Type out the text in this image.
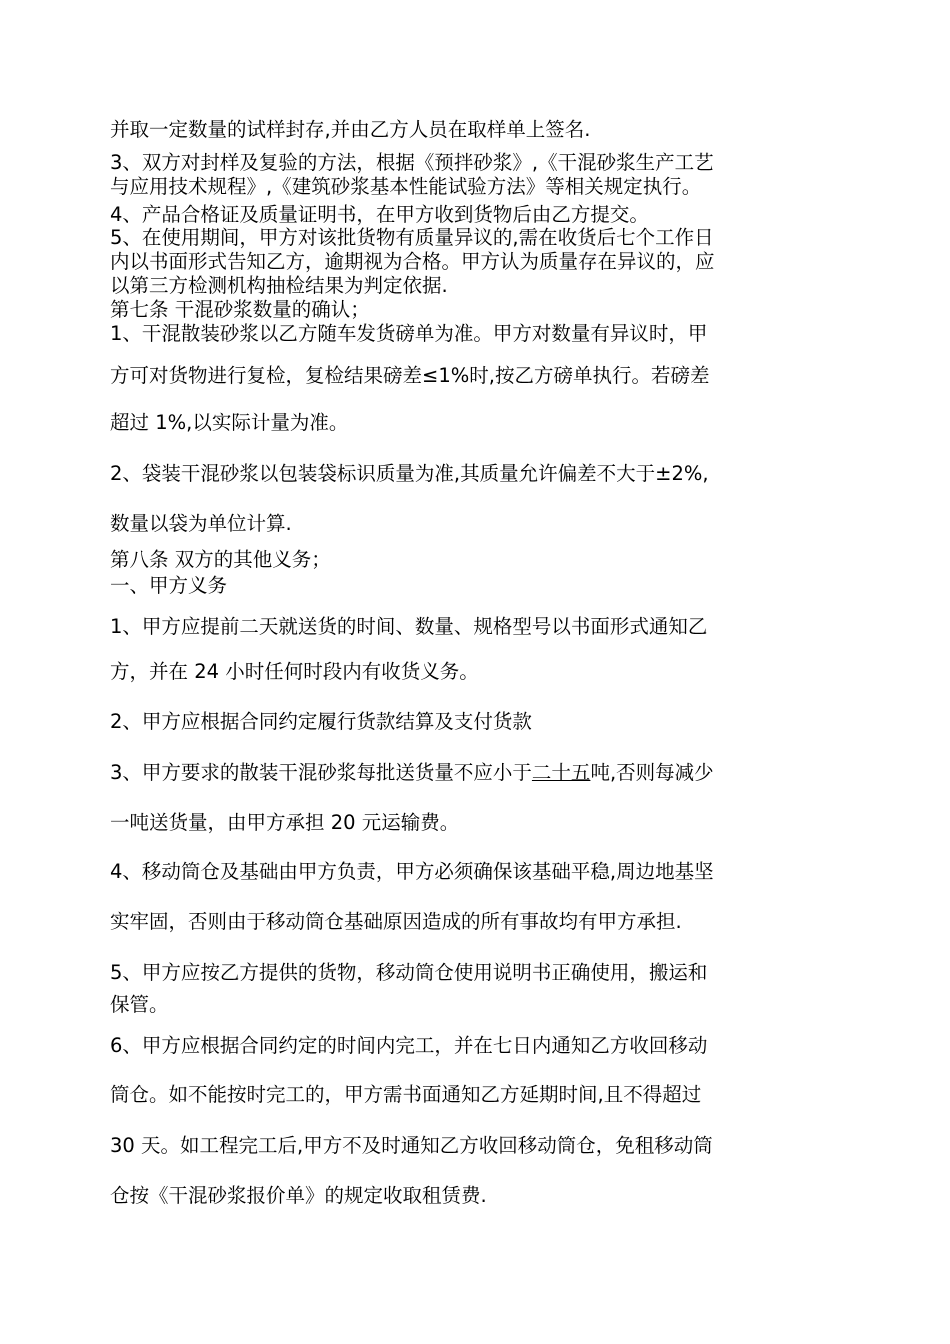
并取一定数量的试样封存,并由乙方人员在取样单上签名.
3、双方对封样及复验的方法，根据《预拌砂浆》,《干混砂浆生产工艺
与应用技术规程》,《建筑砂浆基本性能试验方法》等相关规定执行。
4、产品合格证及质量证明书，在甲方收到货物后由乙方提交。
5、在使用期间，甲方对该批货物有质量异议的,需在收货后七个工作日
内以书面形式告知乙方，逾期视为合格。甲方认为质量存在异议的，应
以第三方检测机构抽检结果为判定依据.
第七条 干混砂浆数量的确认；
1、干混散装砂浆以乙方随车发货磅单为准。甲方对数量有异议时，甲
方可对货物进行复检，复检结果磅差≤1%时,按乙方磅单执行。若磅差
超过 1%,以实际计量为准。
2、袋装干混砂浆以包装袋标识质量为准,其质量允许偏差不大于±2%,
数量以袋为单位计算.
第八条 双方的其他义务；
一、甲方义务
1、甲方应提前二天就送货的时间、数量、规格型号以书面形式通知乙
方，并在 24 小时任何时段内有收货义务。
2、甲方应根据合同约定履行货款结算及支付货款
3、甲方要求的散装干混砂浆每批送货量不应小于二十五吨,否则每减少
一吨送货量，由甲方承担 20 元运输费。
4、移动筒仓及基础由甲方负责，甲方必须确保该基础平稳,周边地基坚
实牢固，否则由于移动筒仓基础原因造成的所有事故均有甲方承担.
5、甲方应按乙方提供的货物，移动筒仓使用说明书正确使用，搬运和
保管。
6、甲方应根据合同约定的时间内完工，并在七日内通知乙方收回移动
筒仓。如不能按时完工的，甲方需书面通知乙方延期时间,且不得超过
30 天。如工程完工后,甲方不及时通知乙方收回移动筒仓，免租移动筒
仓按《干混砂浆报价单》的规定收取租赁费.
